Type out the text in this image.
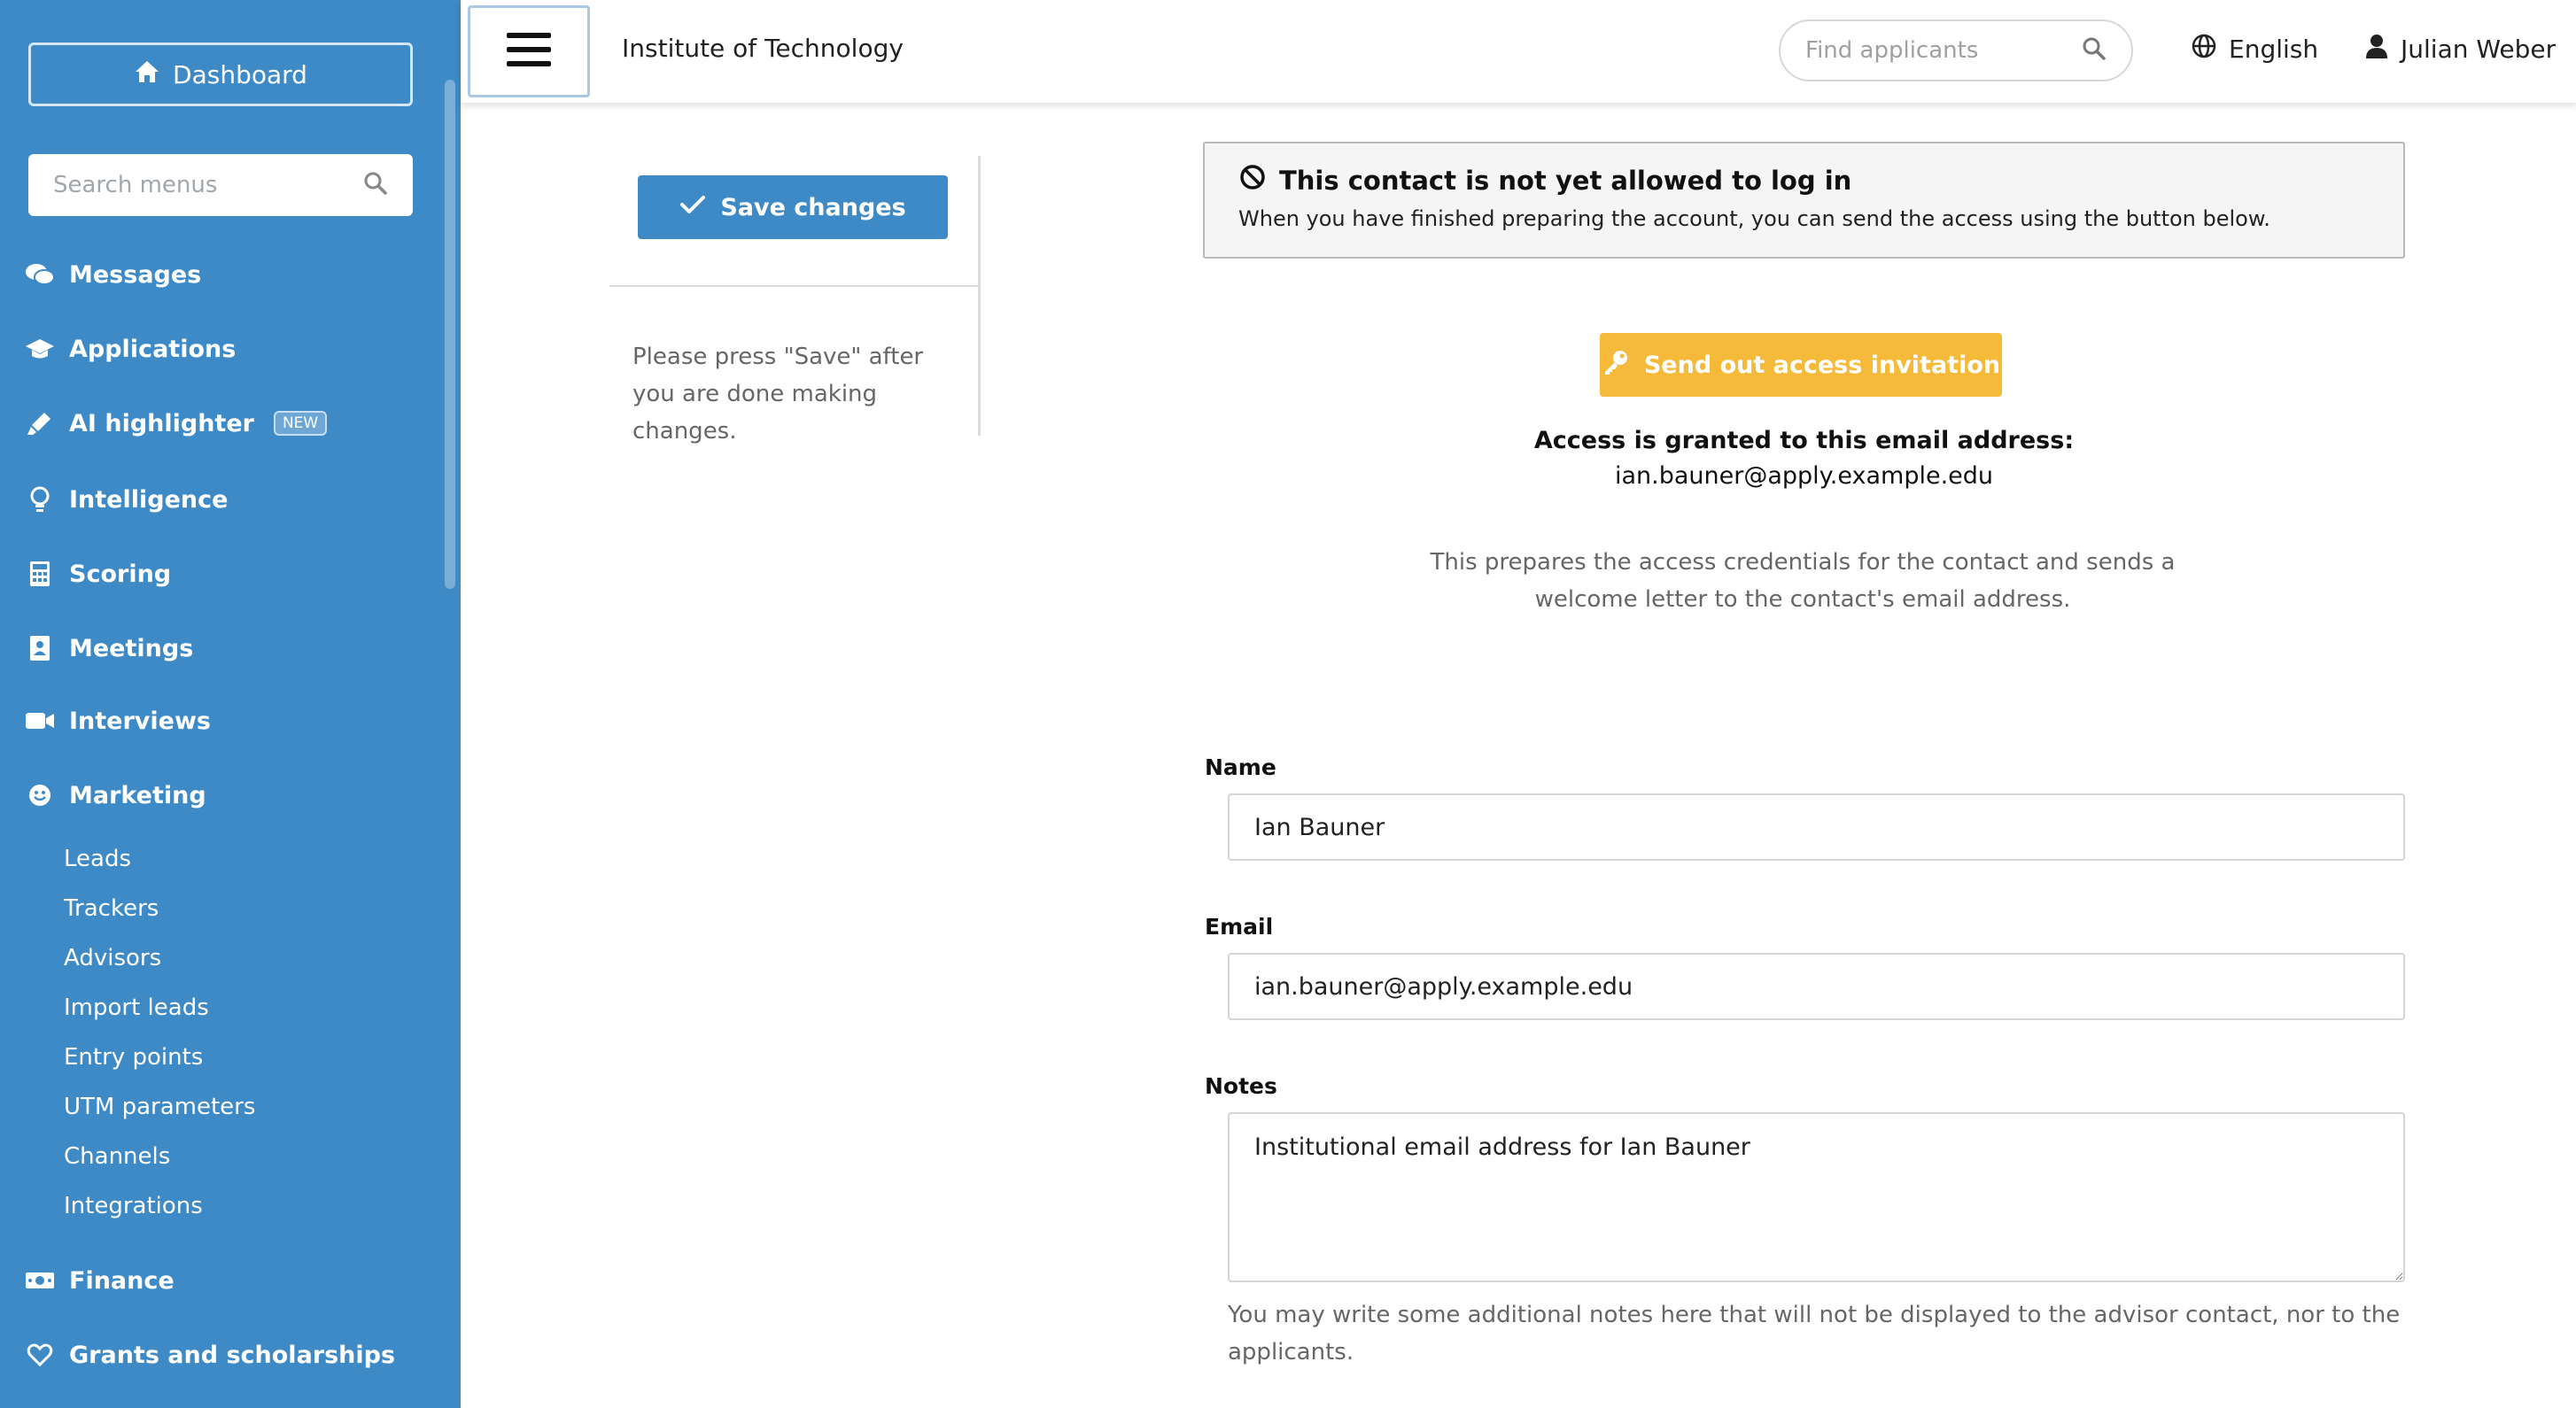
Dashboard
Search menus
Messages
Applications
AI highlighter	NEW
Intelligence
Scoring
Meetings
Interviews
Marketing
Leads
Trackers
Advisors
Import leads
Entry points
UTM parameters
Channels
Integrations
Finance
Grants and scholarships
Institute of Technology
Find applicants	English	Julian Weber
Save changes
Please press "Save" after you are done making changes.
This contact is not yet allowed to log in
When you have finished preparing the account, you can send the access using the button below.
Send out access invitation
Access is granted to this email address:
ian.bauner@apply.example.edu
This prepares the access credentials for the contact and sends a welcome letter to the contact's email address.
Name
Ian Bauner
Email
ian.bauner@apply.example.edu
Notes
Institutional email address for Ian Bauner
You may write some additional notes here that will not be displayed to the advisor contact, nor to the applicants.
